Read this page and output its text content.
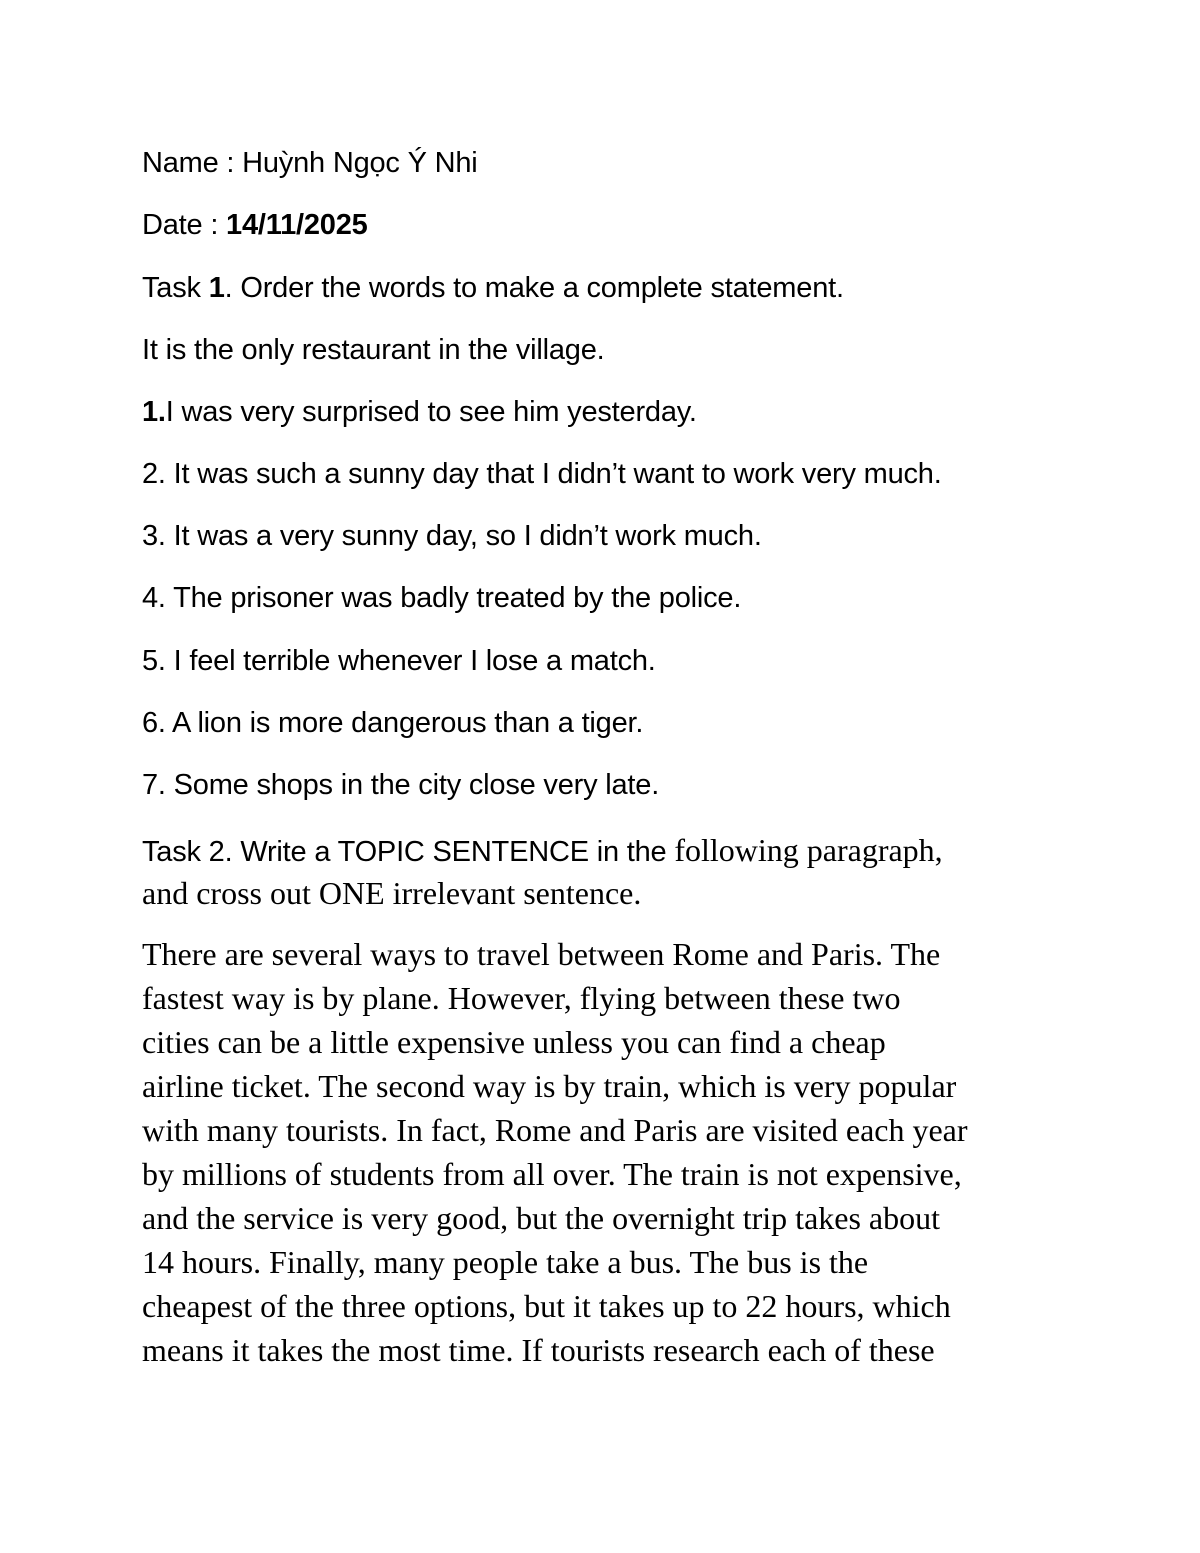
Name : Huỳnh Ngọc Ý Nhi
Date : 14/11/2025
Task 1. Order the words to make a complete statement.
It is the only restaurant in the village.
1.I was very surprised to see him yesterday.
2. It was such a sunny day that I didn’t want to work very much.
3. It was a very sunny day, so I didn’t work much.
4. The prisoner was badly treated by the police.
5. I feel terrible whenever I lose a match.
6. A lion is more dangerous than a tiger.
7. Some shops in the city close very late.
Task 2. Write a TOPIC SENTENCE in the following paragraph,
and cross out ONE irrelevant sentence.

There are several ways to travel between Rome and Paris. The

fastest way is by plane. However, flying between these two

cities can be a little expensive unless you can find a cheap

airline ticket. The second way is by train, which is very popular

with many tourists. In fact, Rome and Paris are visited each year

by millions of students from all over. The train is not expensive,

and the service is very good, but the overnight trip takes about

14 hours. Finally, many people take a bus. The bus is the

cheapest of the three options, but it takes up to 22 hours, which

means it takes the most time. If tourists research each of these
